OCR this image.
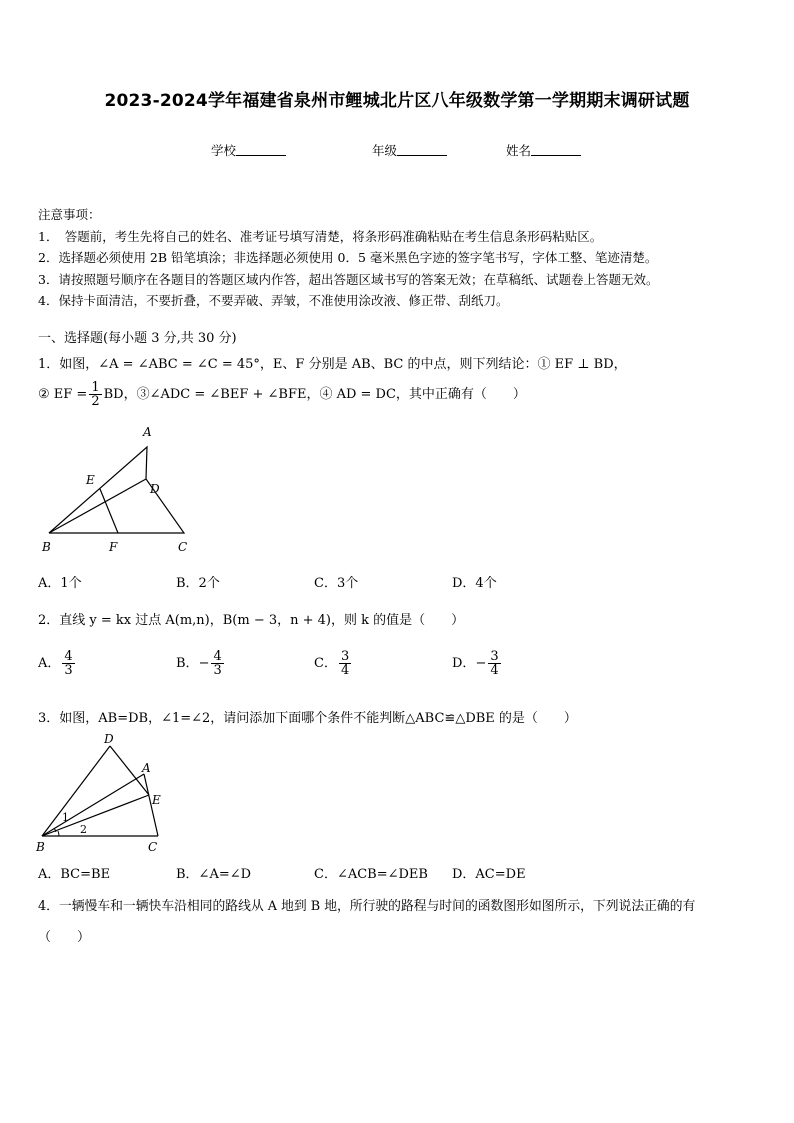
2023-2024学年福建省泉州市鲤城北片区八年级数学第一学期期末调研试题
学校	年级	姓名
注意事项：
1．　答题前，考生先将自己的姓名、准考证号填写清楚，将条形码准确粘贴在考生信息条形码粘贴区。
2．选择题必须使用 2B 铅笔填涂；非选择题必须使用 0．5 毫米黑色字迹的签字笔书写，字体工整、笔迹清楚。
3．请按照题号顺序在各题目的答题区域内作答，超出答题区域书写的答案无效；在草稿纸、试题卷上答题无效。
4．保持卡面清洁，不要折叠，不要弄破、弄皱，不准使用涂改液、修正带、刮纸刀。
一、选择题(每小题 3 分,共 30 分)
1．如图，∠A = ∠ABC = ∠C = 45°，E、F 分别是 AB、BC 的中点，则下列结论：① EF ⊥ BD，
② EF = $\frac{1}{2}$ BD，③∠ADC = ∠BEF + ∠BFE，④ AD = DC，其中正确有（　　）
A
B	C
D
E
F
A．1个	B．2个	C．3个	D．4个
2．直线 y = kx 过点 A(m,n)，B(m − 3，n + 4)，则 k 的值是（　　）
A． $\frac{4}{3}$	B．− $\frac{4}{3}$	C． $\frac{3}{4}$	D．− $\frac{3}{4}$
3．如图，AB=DB，∠1=∠2，请问添加下面哪个条件不能判断△ABC≌△DBE 的是（　　）
D
A
E
B	C
1
2
A．BC=BE	B．∠A=∠D	C．∠ACB=∠DEB D．AC=DE
4．一辆慢车和一辆快车沿相同的路线从 A 地到 B 地，所行驶的路程与时间的函数图形如图所示，下列说法正确的有
（　　）
